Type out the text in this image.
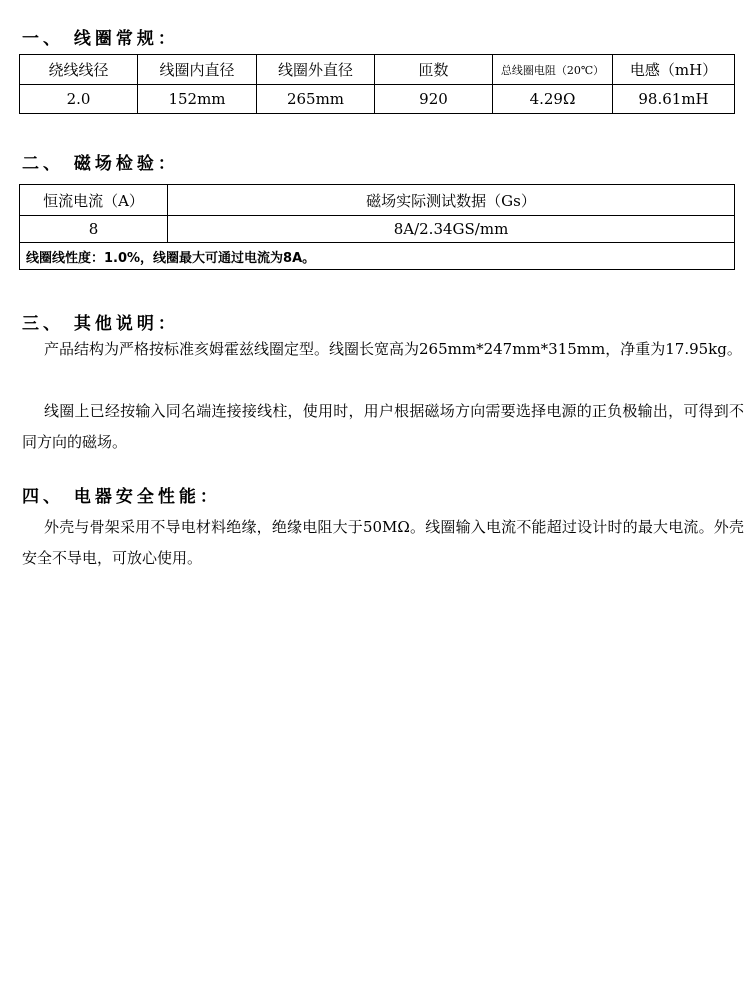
一、 线圈常规：
绕线线径	线圈内直径	线圈外直径	匝数	总线圈电阻（20℃）	电感（mH）
2.0	152mm	265mm	920	4.29Ω	98.61mH
二、 磁场检验：
恒流电流（A）	磁场实际测试数据（Gs）
8	8A/2.34GS/mm
线圈线性度：1.0%，线圈最大可通过电流为8A。	
三、 其他说明：

产品结构为严格按标准亥姆霍兹线圈定型。线圈长宽高为265mm*247mm*315mm，净重为17.95kg。

线圈上已经按输入同名端连接接线柱，使用时，用户根据磁场方向需要选择电源的正负极输出，可得到不同方向的磁场。

四、 电器安全性能：

外壳与骨架采用不导电材料绝缘，绝缘电阻大于50MΩ。线圈输入电流不能超过设计时的最大电流。外壳安全不导电，可放心使用。
